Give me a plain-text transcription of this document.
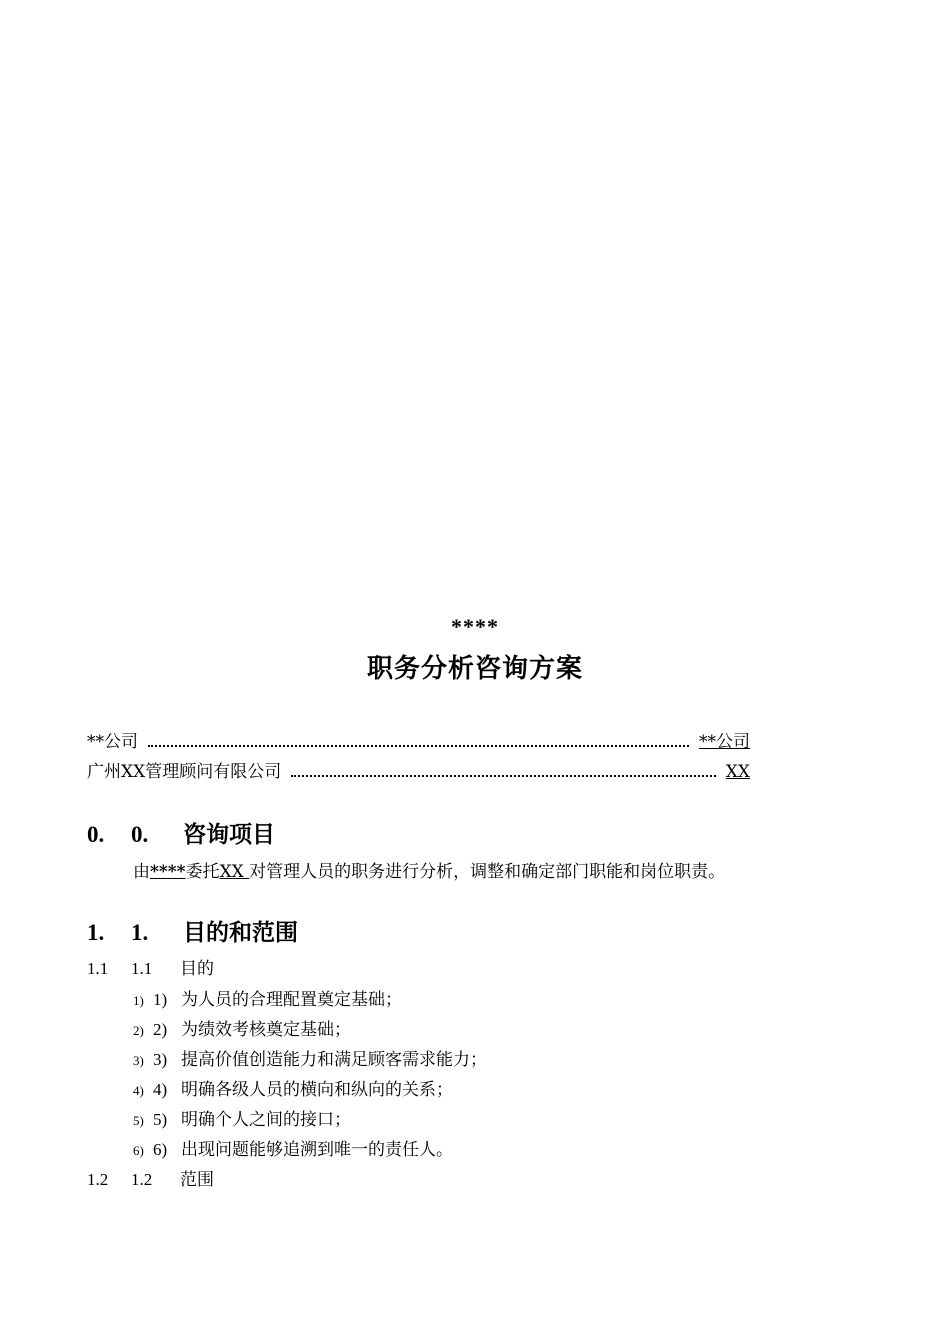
****
职务分析咨询方案
**公司	**公司
广州XX管理顾问有限公司	XX
0.	0.	咨询项目
由****委托XX 对管理人员的职务进行分析，调整和确定部门职能和岗位职责。
1.	1.	目的和范围
1.1	1.1	目的
1) 1) 为人员的合理配置奠定基础；
2) 2) 为绩效考核奠定基础；
3) 3) 提高价值创造能力和满足顾客需求能力；
4) 4) 明确各级人员的横向和纵向的关系；
5) 5) 明确个人之间的接口；
6) 6) 出现问题能够追溯到唯一的责任人。
1.2	1.2	范围
